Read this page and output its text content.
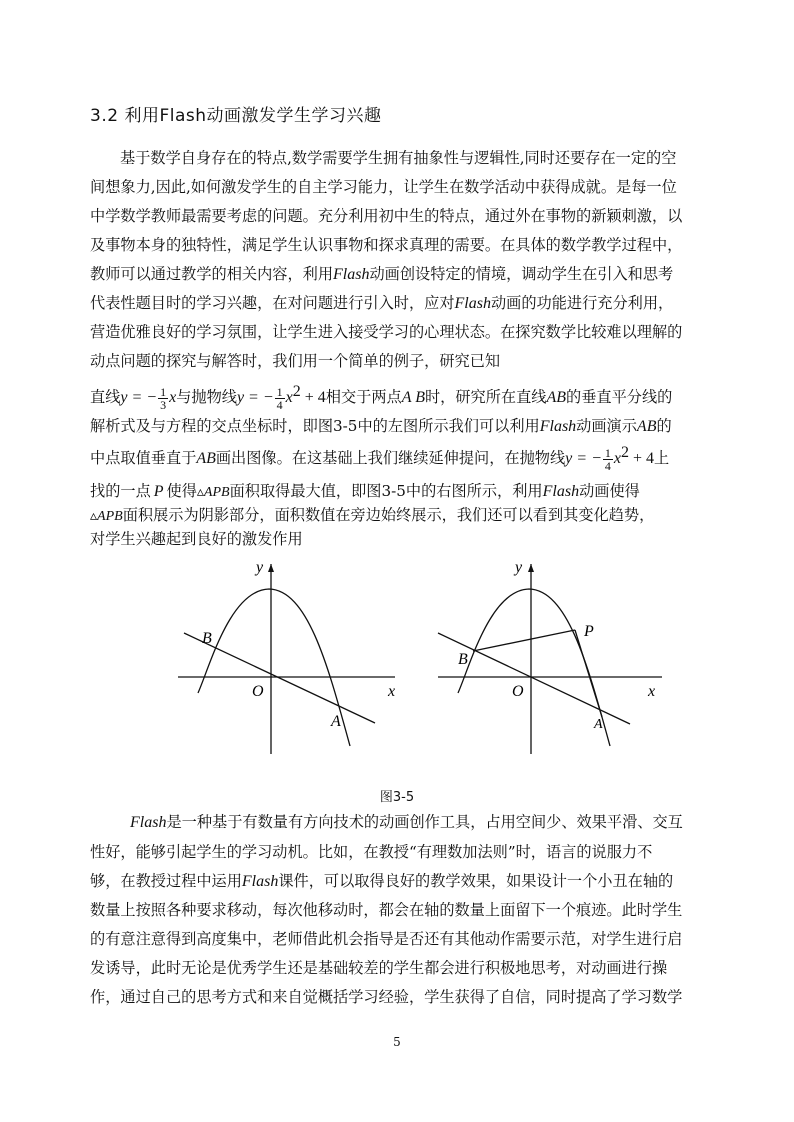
3.2 利用Flash动画激发学生学习兴趣
基于数学自身存在的特点,数学需要学生拥有抽象性与逻辑性,同时还要存在一定的空
间想象力,因此,如何激发学生的自主学习能力，让学生在数学活动中获得成就。是每一位
中学数学教师最需要考虑的问题。充分利用初中生的特点，通过外在事物的新颖刺激，以
及事物本身的独特性，满足学生认识事物和探求真理的需要。在具体的数学教学过程中，
教师可以通过教学的相关内容，利用Flash动画创设特定的情境，调动学生在引入和思考
代表性题目时的学习兴趣，在对问题进行引入时，应对Flash动画的功能进行充分利用，
营造优雅良好的学习氛围，让学生进入接受学习的心理状态。在探究数学比较难以理解的
动点问题的探究与解答时，我们用一个简单的例子，研究已知
直线y = − $\frac{1}{3}$ x与抛物线y = − $\frac{1}{4} x^2 + 4$相交于两点A B时，研究所在直线AB的垂直平分线的
解析式及与方程的交点坐标时，即图3-5中的左图所示我们可以利用Flash动画演示AB的
中点取值垂直于AB画出图像。在这基础上我们继续延伸提问，在抛物线y = − $\frac{1}{4} x^2 + 4$上
找的一点 P 使得▵APB面积取得最大值，即图3-5中的右图所示，利用Flash动画使得
▵APB面积展示为阴影部分，面积数值在旁边始终展示，我们还可以看到其变化趋势，
对学生兴趣起到良好的激发作用
y
x
O
B
A
y
x
O
B
A
P
图3-5
Flash是一种基于有数量有方向技术的动画创作工具，占用空间少、效果平滑、交互
性好，能够引起学生的学习动机。比如，在教授“有理数加法则”时，语言的说服力不
够，在教授过程中运用Flash课件，可以取得良好的教学效果，如果设计一个小丑在轴的
数量上按照各种要求移动，每次他移动时，都会在轴的数量上面留下一个痕迹。此时学生
的有意注意得到高度集中，老师借此机会指导是否还有其他动作需要示范，对学生进行启
发诱导，此时无论是优秀学生还是基础较差的学生都会进行积极地思考，对动画进行操
作，通过自己的思考方式和来自觉概括学习经验，学生获得了自信，同时提高了学习数学
5
